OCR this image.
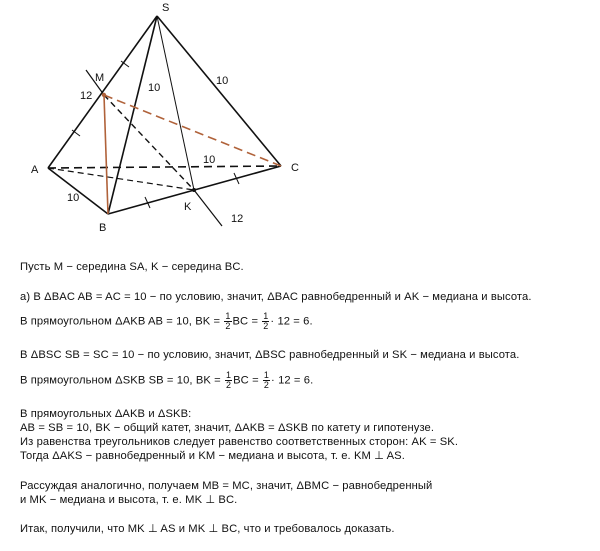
S
M
A
B
C
K
10
12
10
10
10
12
Пусть M − середина SA, K − середина BC.
а) В ΔBAC AB = AC = 10 − по условию, значит, ΔBAC равнобедренный и AK − медиана и высота.
В прямоугольном ΔAKB AB = 10, BK = $\frac{1}{2}$ BC = $\frac{1}{2} \cdot 12 = 6$.
В ΔBSC SB = SC = 10 − по условию, значит, ΔBSC равнобедренный и SK − медиана и высота.
В прямоугольном ΔSKB SB = 10, BK = $\frac{1}{2}$ BC = $\frac{1}{2} \cdot 12 = 6$.
В прямоугольных ΔAKB и ΔSKB:
AB = SB = 10, BK − общий катет, значит, ΔAKB = ΔSKB по катету и гипотенузе.
Из равенства треугольников следует равенство соответственных сторон: AK = SK.
Тогда ΔAKS − равнобедренный и KM − медиана и высота, т. е. KM ⊥ AS.
Рассуждая аналогично, получаем MB = MC, значит, ΔBMC − равнобедренный
и MK − медиана и высота, т. е. MK ⊥ BC.
Итак, получили, что MK ⊥ AS и MK ⊥ BC, что и требовалось доказать.
